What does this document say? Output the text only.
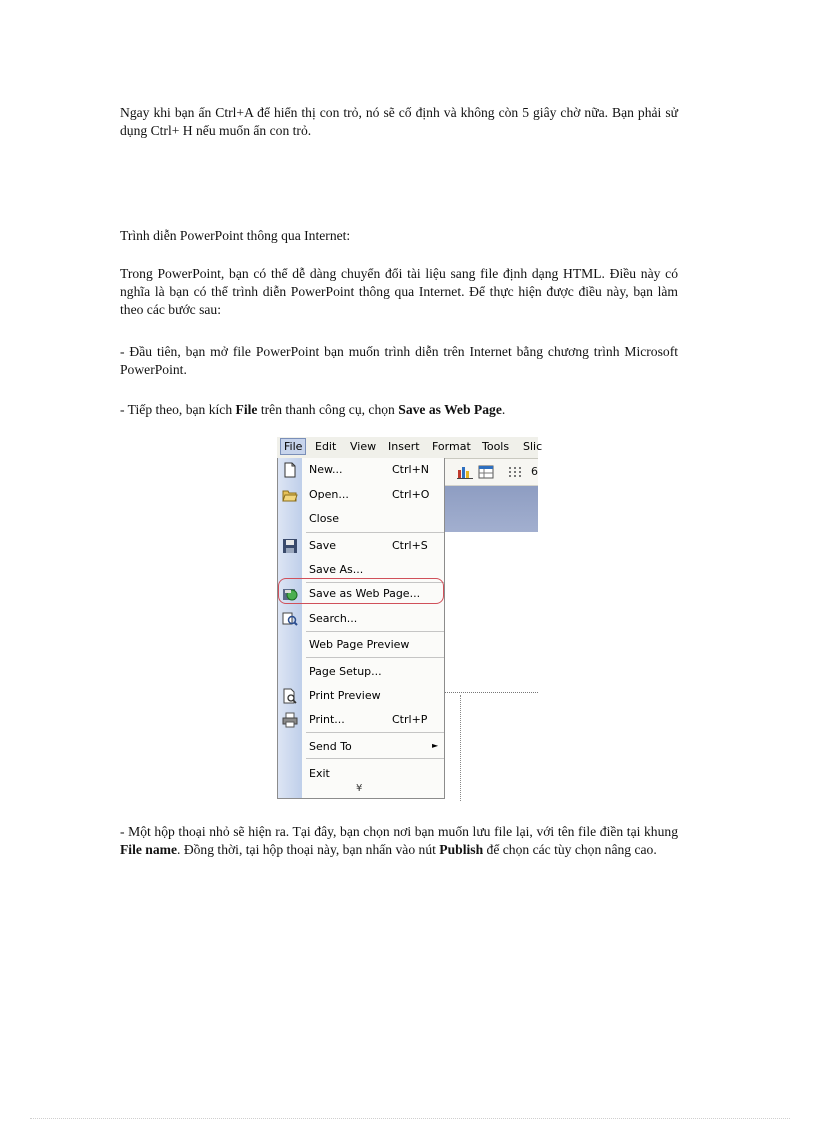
Ngay khi bạn ấn Ctrl+A để hiển thị con trỏ, nó sẽ cố định và không còn 5 giây chờ nữa. Bạn phải sử dụng Ctrl+ H nếu muốn ẩn con trỏ.

Trình diễn PowerPoint thông qua Internet:

Trong PowerPoint, bạn có thể dễ dàng chuyển đổi tài liệu sang file định dạng HTML. Điều này có nghĩa là bạn có thể trình diễn PowerPoint thông qua Internet. Để thực hiện được điều này, bạn làm theo các bước sau:

- Đầu tiên, bạn mở file PowerPoint bạn muốn trình diễn trên Internet bằng chương trình Microsoft PowerPoint.

- Tiếp theo, bạn kích File trên thanh công cụ, chọn Save as Web Page.

File	Edit View Insert Format Tools Slic
6
New...	Ctrl+N
Open...	Ctrl+O
Close
Save	Ctrl+S
Save As...
Save as Web Page...
Search...
Web Page Preview
Page Setup...
Print Preview
Print...	Ctrl+P
Send To	►
Exit
¥

- Một hộp thoại nhỏ sẽ hiện ra. Tại đây, bạn chọn nơi bạn muốn lưu file lại, với tên file điền tại khung File name. Đồng thời, tại hộp thoại này, bạn nhấn vào nút Publish để chọn các tùy chọn nâng cao.
